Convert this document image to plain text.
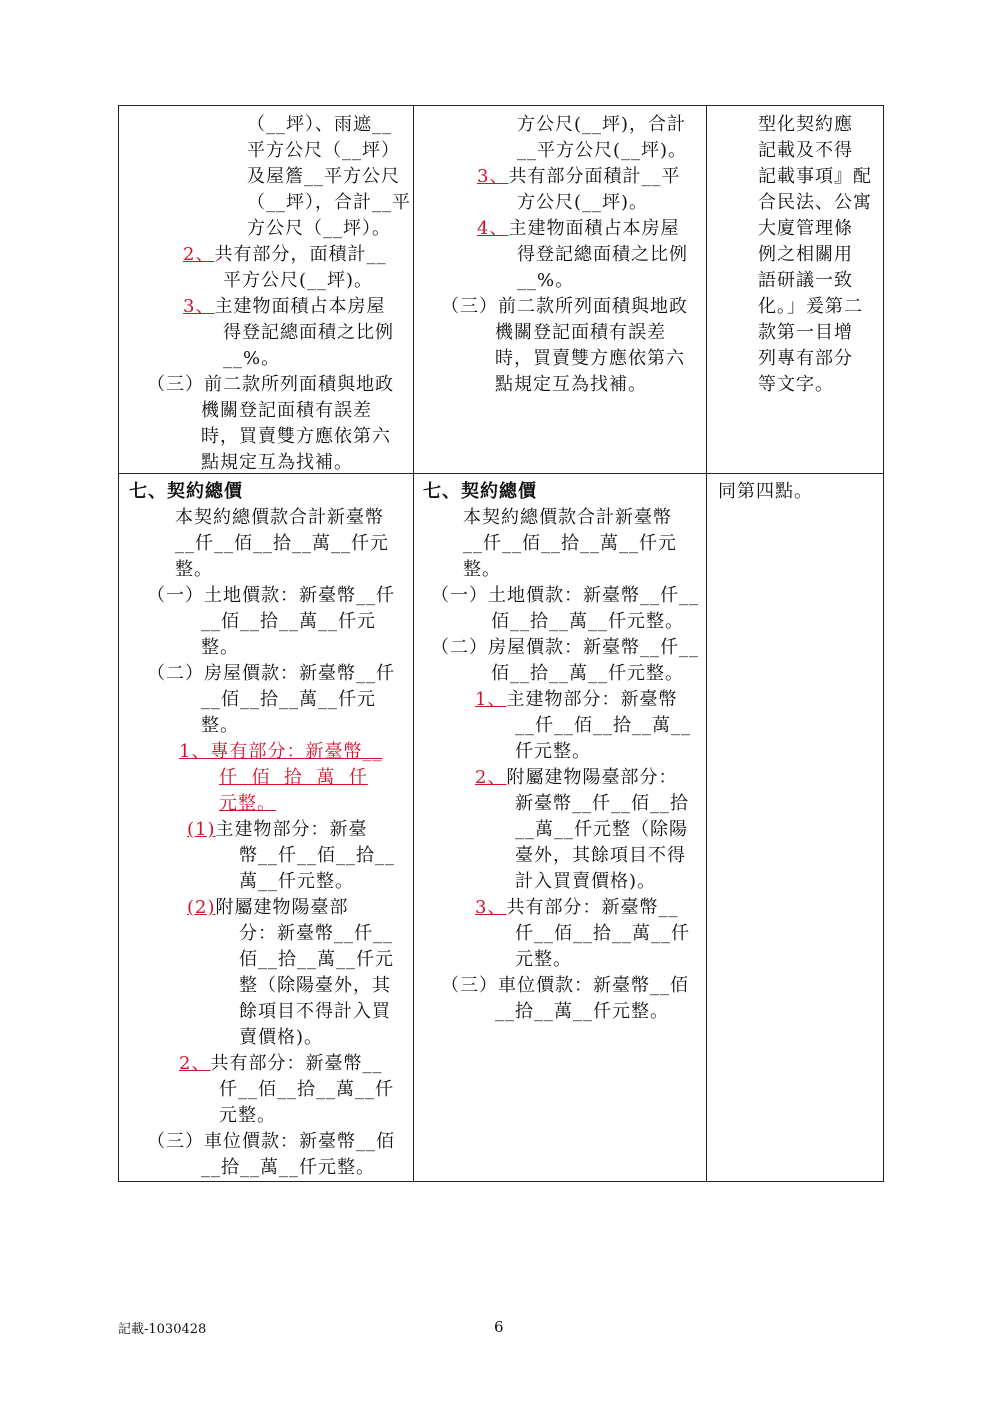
（__坪）、雨遮__
平方公尺（__坪）
及屋簷__平方公尺
（__坪），合計__平
方公尺（__坪）。
2、共有部分，面積計__
平方公尺(__坪)。
3、主建物面積占本房屋
得登記總面積之比例
__%。
（三）前二款所列面積與地政
機關登記面積有誤差
時，買賣雙方應依第六
點規定互為找補。
方公尺(__坪)，合計
__平方公尺(__坪)。
3、共有部分面積計__平
方公尺(__坪)。
4、主建物面積占本房屋
得登記總面積之比例
__%。
（三）前二款所列面積與地政
機關登記面積有誤差
時，買賣雙方應依第六
點規定互為找補。
型化契約應
記載及不得
記載事項』配
合民法、公寓
大廈管理條
例之相關用
語研議一致
化。」爰第二
款第一目增
列專有部分
等文字。
七、契約總價
本契約總價款合計新臺幣
__仟__佰__拾__萬__仟元
整。
（一）土地價款：新臺幣__仟
__佰__拾__萬__仟元
整。
（二）房屋價款：新臺幣__仟
__佰__拾__萬__仟元
整。
1、專有部分：新臺幣__
仟  佰  拾  萬  仟
元整。
(1)主建物部分：新臺
幣__仟__佰__拾__
萬__仟元整。
(2)附屬建物陽臺部
分：新臺幣__仟__
佰__拾__萬__仟元
整（除陽臺外，其
餘項目不得計入買
賣價格)。
2、共有部分：新臺幣__
仟__佰__拾__萬__仟
元整。
（三）車位價款：新臺幣__佰
__拾__萬__仟元整。
七、契約總價
本契約總價款合計新臺幣
__仟__佰__拾__萬__仟元
整。
（一）土地價款：新臺幣__仟__
佰__拾__萬__仟元整。
（二）房屋價款：新臺幣__仟__
佰__拾__萬__仟元整。
1、主建物部分：新臺幣
__仟__佰__拾__萬__
仟元整。
2、附屬建物陽臺部分：
新臺幣__仟__佰__拾
__萬__仟元整（除陽
臺外，其餘項目不得
計入買賣價格)。
3、共有部分：新臺幣__
仟__佰__拾__萬__仟
元整。
（三）車位價款：新臺幣__佰
__拾__萬__仟元整。
同第四點。
記載-1030428	6
